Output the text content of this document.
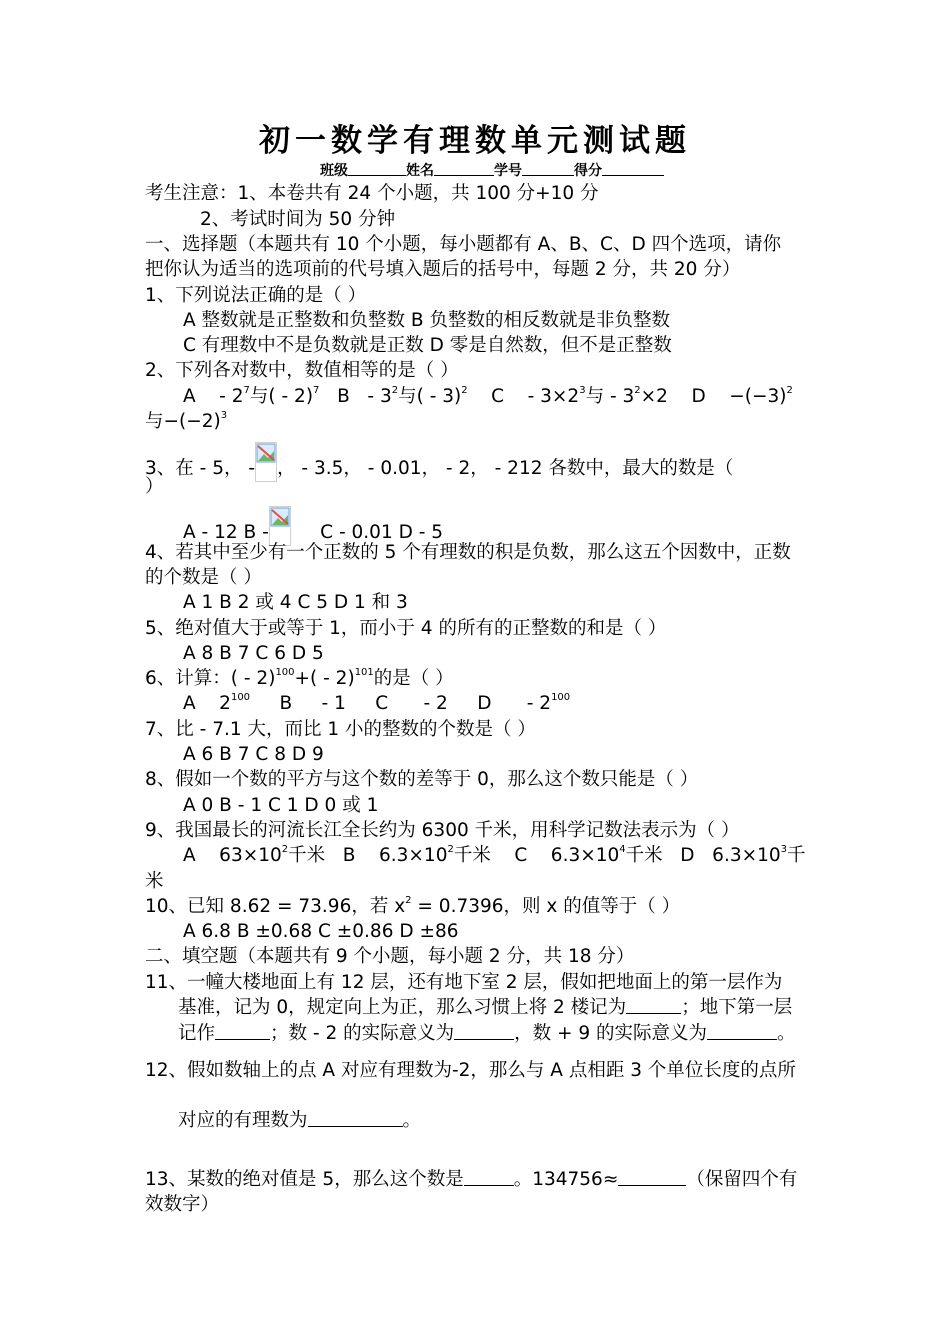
初一数学有理数单元测试题
班级	姓名	学号	得分
考生注意：1、本卷共有 24 个小题，共 100 分+10 分
2、考试时间为 50 分钟
一、选择题（本题共有 10 个小题，每小题都有 A、B、C、D 四个选项，请你
把你认为适当的选项前的代号填入题后的括号中，每题 2 分，共 20 分）
1、下列说法正确的是（ ）
A 整数就是正整数和负整数 B 负整数的相反数就是非负整数
C 有理数中不是负数就是正数 D 零是自然数，但不是正整数
2、下列各对数中，数值相等的是（ ）
A    - $2^7$与( - 2)$^7$   B   - $3^2$与( - 3)$^2$    C    - $3\times 2^3$与 - $3^2\times 2$    D    $-(-3)^2$
与$-(-2)^3$
3、在 - 5， - ， - 3.5， - 0.01， - 2， - 212 各数中，最大的数是（
）
A - 12 B -	C - 0.01 D - 5
4、若其中至少有一个正数的 5 个有理数的积是负数，那么这五个因数中，正数
的个数是（ ）
A 1 B 2 或 4 C 5 D 1 和 3
5、绝对值大于或等于 1，而小于 4 的所有的正整数的和是（ ）
A 8 B 7 C 6 D 5
6、计算：( - 2)$^{100}$+( - 2)$^{101}$的是（ ）
A    $2^{100}$     B     - 1     C      - 2     D      - $2^{100}$
7、比 - 7.1 大，而比 1 小的整数的个数是（ ）
A 6 B 7 C 8 D 9
8、假如一个数的平方与这个数的差等于 0，那么这个数只能是（ ）
A 0 B - 1 C 1 D 0 或 1
9、我国最长的河流长江全长约为 6300 千米，用科学记数法表示为（ ）
A    $63\times 10^2$千米   B    $6.3\times 10^2$千米    C    $6.3\times 10^4$千米   D   $6.3\times 10^3$千
米
10、已知 8.62 = 73.96，若 $x^2 = 0.7396$，则 x 的值等于（ ）
A 6.8 B ±0.68 C ±0.86 D ±86
二、填空题（本题共有 9 个小题，每小题 2 分，共 18 分）
11、一幢大楼地面上有 12 层，还有地下室 2 层，假如把地面上的第一层作为
基准，记为 0，规定向上为正，那么习惯上将 2 楼记为	；地下第一层
记作	；数 - 2 的实际意义为	，数 + 9 的实际意义为	。
12、假如数轴上的点 A 对应有理数为-2，那么与 A 点相距 3 个单位长度的点所
对应的有理数为	。
13、某数的绝对值是 5，那么这个数是	。134756≈	（保留四个有
效数字）
